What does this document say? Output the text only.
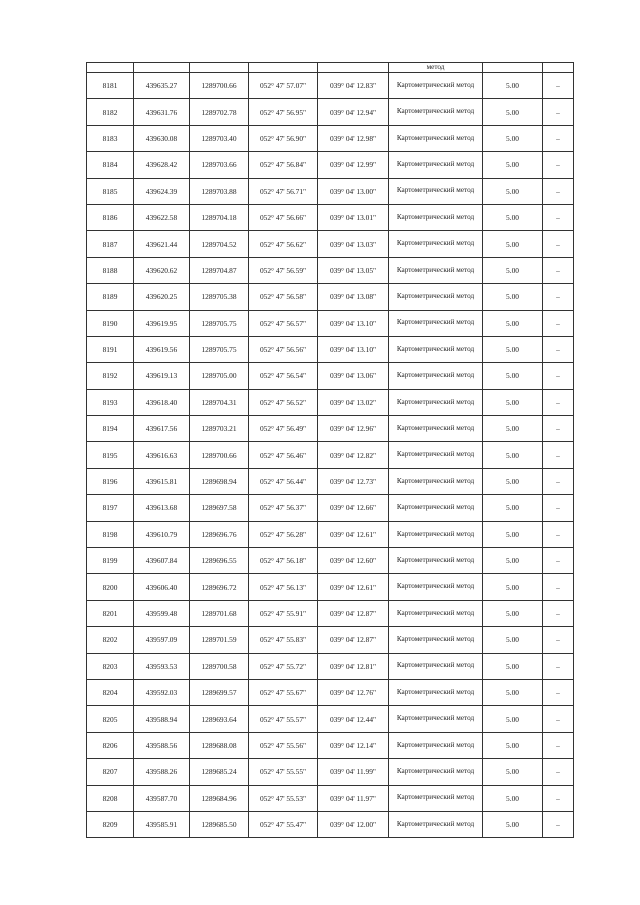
					метод		
8181	439635.27	1289700.66	052° 47' 57.07"	039° 04' 12.83"	Картометрический метод	5.00	–
8182	439631.76	1289702.78	052° 47' 56.95"	039° 04' 12.94"	Картометрический метод	5.00	–
8183	439630.08	1289703.40	052° 47' 56.90"	039° 04' 12.98"	Картометрический метод	5.00	–
8184	439628.42	1289703.66	052° 47' 56.84"	039° 04' 12.99"	Картометрический метод	5.00	–
8185	439624.39	1289703.88	052° 47' 56.71"	039° 04' 13.00"	Картометрический метод	5.00	–
8186	439622.58	1289704.18	052° 47' 56.66"	039° 04' 13.01"	Картометрический метод	5.00	–
8187	439621.44	1289704.52	052° 47' 56.62"	039° 04' 13.03"	Картометрический метод	5.00	–
8188	439620.62	1289704.87	052° 47' 56.59"	039° 04' 13.05"	Картометрический метод	5.00	–
8189	439620.25	1289705.38	052° 47' 56.58"	039° 04' 13.08"	Картометрический метод	5.00	–
8190	439619.95	1289705.75	052° 47' 56.57"	039° 04' 13.10"	Картометрический метод	5.00	–
8191	439619.56	1289705.75	052° 47' 56.56"	039° 04' 13.10"	Картометрический метод	5.00	–
8192	439619.13	1289705.00	052° 47' 56.54"	039° 04' 13.06"	Картометрический метод	5.00	–
8193	439618.40	1289704.31	052° 47' 56.52"	039° 04' 13.02"	Картометрический метод	5.00	–
8194	439617.56	1289703.21	052° 47' 56.49"	039° 04' 12.96"	Картометрический метод	5.00	–
8195	439616.63	1289700.66	052° 47' 56.46"	039° 04' 12.82"	Картометрический метод	5.00	–
8196	439615.81	1289698.94	052° 47' 56.44"	039° 04' 12.73"	Картометрический метод	5.00	–
8197	439613.68	1289697.58	052° 47' 56.37"	039° 04' 12.66"	Картометрический метод	5.00	–
8198	439610.79	1289696.76	052° 47' 56.28"	039° 04' 12.61"	Картометрический метод	5.00	–
8199	439607.84	1289696.55	052° 47' 56.18"	039° 04' 12.60"	Картометрический метод	5.00	–
8200	439606.40	1289696.72	052° 47' 56.13"	039° 04' 12.61"	Картометрический метод	5.00	–
8201	439599.48	1289701.68	052° 47' 55.91"	039° 04' 12.87"	Картометрический метод	5.00	–
8202	439597.09	1289701.59	052° 47' 55.83"	039° 04' 12.87"	Картометрический метод	5.00	–
8203	439593.53	1289700.58	052° 47' 55.72"	039° 04' 12.81"	Картометрический метод	5.00	–
8204	439592.03	1289699.57	052° 47' 55.67"	039° 04' 12.76"	Картометрический метод	5.00	–
8205	439588.94	1289693.64	052° 47' 55.57"	039° 04' 12.44"	Картометрический метод	5.00	–
8206	439588.56	1289688.08	052° 47' 55.56"	039° 04' 12.14"	Картометрический метод	5.00	–
8207	439588.26	1289685.24	052° 47' 55.55"	039° 04' 11.99"	Картометрический метод	5.00	–
8208	439587.70	1289684.96	052° 47' 55.53"	039° 04' 11.97"	Картометрический метод	5.00	–
8209	439585.91	1289685.50	052° 47' 55.47"	039° 04' 12.00"	Картометрический метод	5.00	–
